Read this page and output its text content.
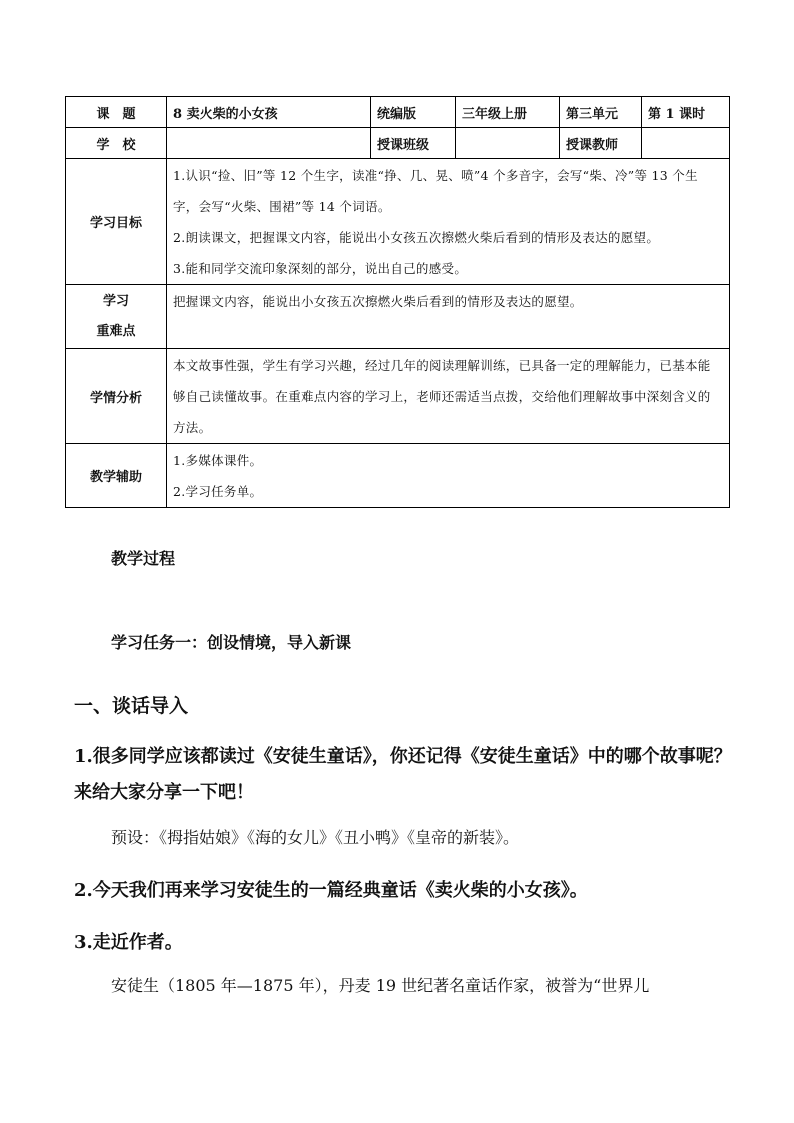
课　题	8 卖火柴的小女孩	统编版	三年级上册	第三单元	第 1 课时
学　校		授课班级		授课教师	
学习目标	1.认识“捡、旧”等 12 个生字，读准“挣、几、晃、喷”4 个多音字，会写“柴、冷”等 13 个生字，会写“火柴、围裙”等 14 个词语。
2.朗读课文，把握课文内容，能说出小女孩五次擦燃火柴后看到的情形及表达的愿望。
3.能和同学交流印象深刻的部分，说出自己的感受。				

学习
重难点	把握课文内容，能说出小女孩五次擦燃火柴后看到的情形及表达的愿望。				
学情分析	本文故事性强，学生有学习兴趣，经过几年的阅读理解训练，已具备一定的理解能力，已基本能够自己读懂故事。在重难点内容的学习上，老师还需适当点拨，交给他们理解故事中深刻含义的方法。				
教学辅助	1.多媒体课件。
2.学习任务单。				
教学过程
学习任务一：创设情境，导入新课
一、谈话导入
1.很多同学应该都读过《安徒生童话》，你还记得《安徒生童话》中的哪个故事呢？来给大家分享一下吧！
预设：《拇指姑娘》《海的女儿》《丑小鸭》《皇帝的新装》。
2.今天我们再来学习安徒生的一篇经典童话《卖火柴的小女孩》。
3.走近作者。
安徒生（1805 年—1875 年），丹麦 19 世纪著名童话作家，被誉为“世界儿
